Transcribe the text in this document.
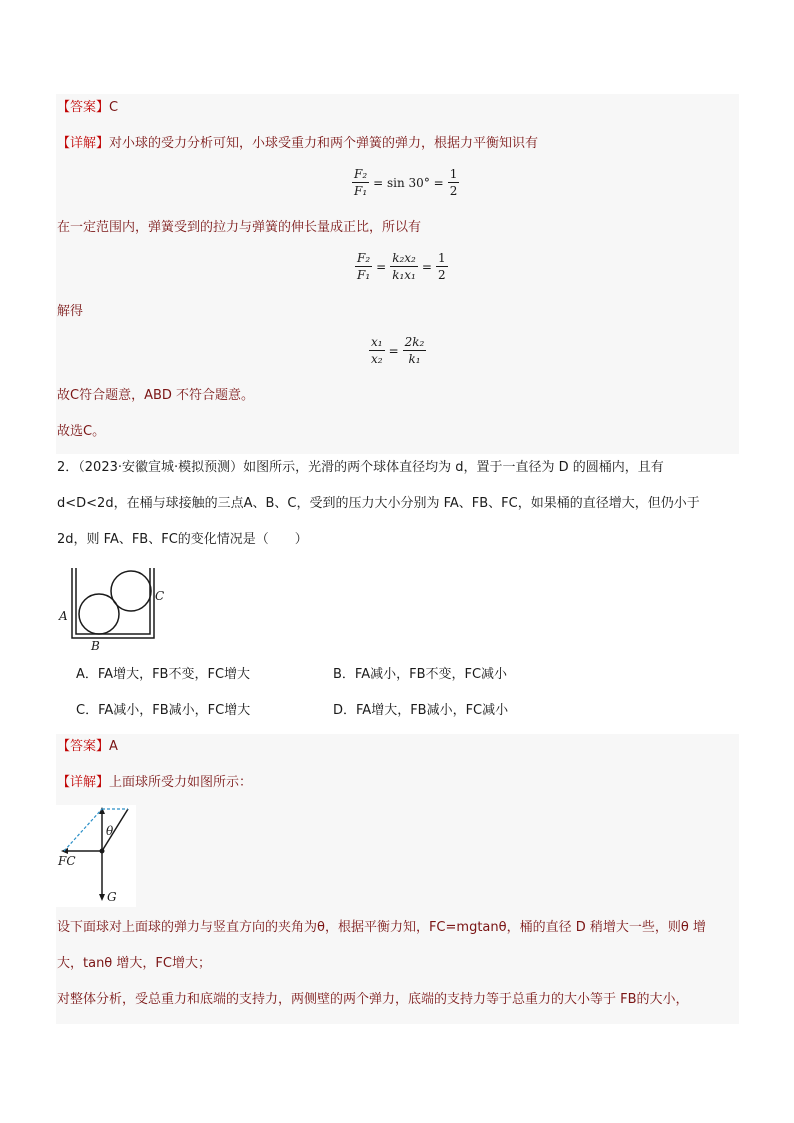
【答案】C
【详解】对小球的受力分析可知，小球受重力和两个弹簧的弹力，根据力平衡知识有
$\frac{\text{F₂}}{\text{F₁}} = \sin 30^\circ = \frac{1}{2}$
在一定范围内，弹簧受到的拉力与弹簧的伸长量成正比，所以有
$\frac{\text{F₂}}{\text{F₁}} = \frac{\text{k₂x₂}}{\text{k₁x₁}} = \frac{1}{2}$
解得
$\frac{\text{x₁}}{\text{x₂}} = \frac{\text{2k₂}}{\text{k₁}}$
故C符合题意，ABD 不符合题意。
故选C。
2．（2023·安徽宣城·模拟预测）如图所示，光滑的两个球体直径均为 d，置于一直径为 D 的圆桶内，且有
d<D<2d，在桶与球接触的三点A、B、C，受到的压力大小分别为 FA、FB、FC，如果桶的直径增大，但仍小于
2d，则 FA、FB、FC的变化情况是（　　）
A
B
C
A．FA增大，FB不变，FC增大	B．FA减小，FB不变，FC减小
C．FA减小，FB减小，FC增大	D．FA增大，FB减小，FC减小
【答案】A
【详解】上面球所受力如图所示：
θ
FC
G
设下面球对上面球的弹力与竖直方向的夹角为θ，根据平衡力知，FC=mgtanθ，桶的直径 D 稍增大一些，则θ 增
大，tanθ 增大，FC增大；
对整体分析，受总重力和底端的支持力，两侧壁的两个弹力，底端的支持力等于总重力的大小等于 FB的大小，
